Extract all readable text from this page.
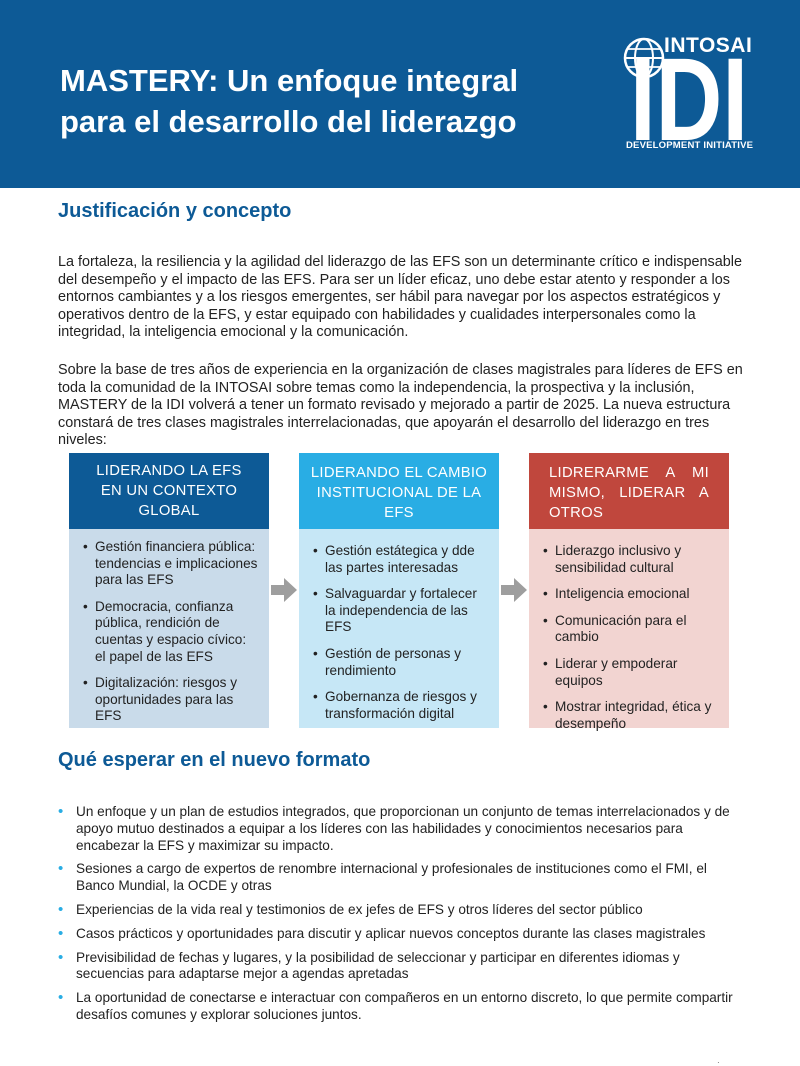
MASTERY: Un enfoque integral para el desarrollo del liderazgo
INTOSAI
IDI
DEVELOPMENT INITIATIVE
Justificación y concepto

La fortaleza, la resiliencia y la agilidad del liderazgo de las EFS son un determinante crítico e indispensable del desempeño y el impacto de las EFS. Para ser un líder eficaz, uno debe estar atento y responder a los entornos cambiantes y a los riesgos emergentes, ser hábil para navegar por los aspectos estratégicos y operativos dentro de la EFS, y estar equipado con habilidades y cualidades interpersonales como la integridad, la inteligencia emocional y la comunicación.

Sobre la base de tres años de experiencia en la organización de clases magistrales para líderes de EFS en toda la comunidad de la INTOSAI sobre temas como la independencia, la prospectiva y la inclusión, MASTERY de la IDI volverá a tener un formato revisado y mejorado a partir de 2025. La nueva estructura constará de tres clases magistrales interrelacionadas, que apoyarán el desarrollo del liderazgo en tres niveles:

LIDERANDO LA EFS EN UN CONTEXTO GLOBAL
• Gestión financiera pública: tendencias e implicaciones para las EFS
• Democracia, confianza pública, rendición de cuentas y espacio cívico: el papel de las EFS
• Digitalización: riesgos y oportunidades para las EFS
LIDERANDO EL CAMBIO INSTITUCIONAL DE LA EFS
• Gestión estátegica y dde las partes interesadas
• Salvaguardar y fortalecer la independencia de las EFS
• Gestión de personas y rendimiento
• Gobernanza de riesgos y transformación digital
LIDRERARME A MI
MISMO, LIDERAR A
OTROS
• Liderazgo inclusivo y sensibilidad cultural
• Inteligencia emocional
• Comunicación para el cambio
• Liderar y empoderar equipos
• Mostrar integridad, ética y desempeño
Qué esperar en el nuevo formato
• Un enfoque y un plan de estudios integrados, que proporcionan un conjunto de temas interrelacionados y de apoyo mutuo destinados a equipar a los líderes con las habilidades y conocimientos necesarios para encabezar la EFS y maximizar su impacto.
• Sesiones a cargo de expertos de renombre internacional y profesionales de instituciones como el FMI, el Banco Mundial, la OCDE y otras
• Experiencias de la vida real y testimonios de ex jefes de EFS y otros líderes del sector público
• Casos prácticos y oportunidades para discutir y aplicar nuevos conceptos durante las clases magistrales
• Previsibilidad de fechas y lugares, y la posibilidad de seleccionar y participar en diferentes idiomas y secuencias para adaptarse mejor a agendas apretadas
• La oportunidad de conectarse e interactuar con compañeros en un entorno discreto, lo que permite compartir desafíos comunes y explorar soluciones juntos.
·
